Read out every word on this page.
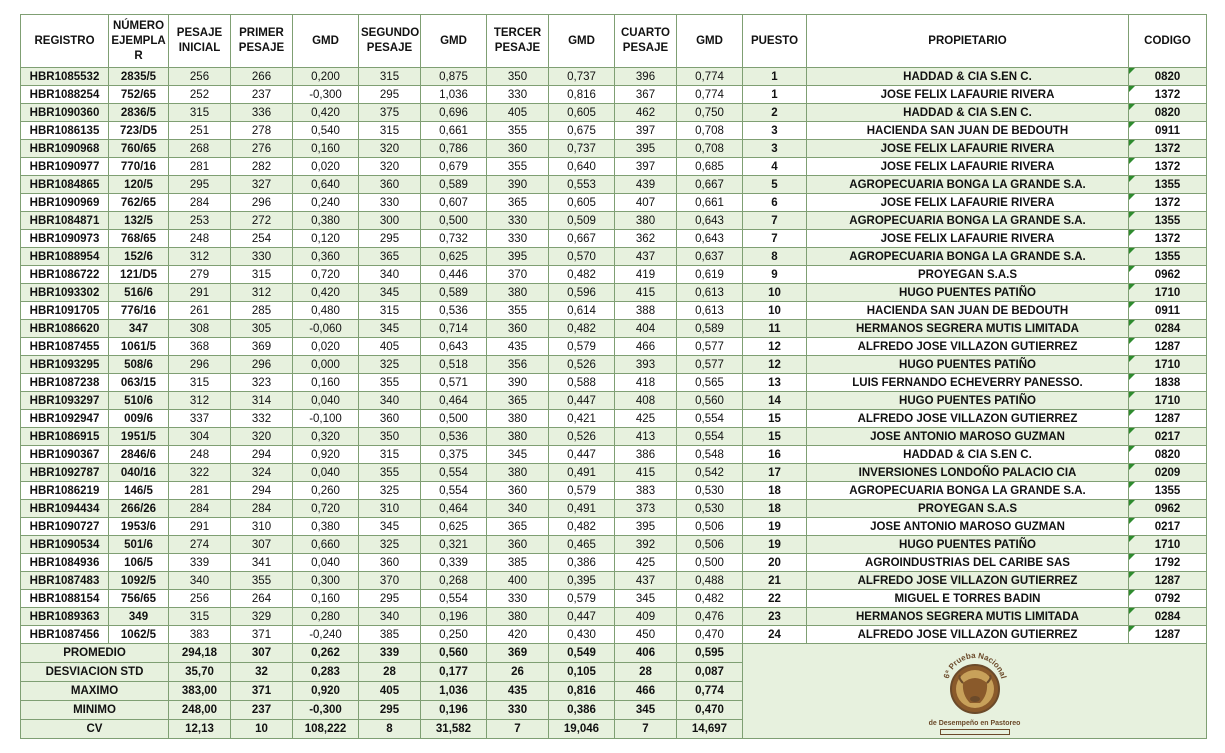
REGISTRO	NÚMERO EJEMPLA R	PESAJE INICIAL	PRIMER PESAJE	GMD	SEGUNDO PESAJE	GMD	TERCER PESAJE	GMD	CUARTO PESAJE	GMD	PUESTO	PROPIETARIO	CODIGO
HBR1085532	2835/5	256	266	0,200	315	0,875	350	0,737	396	0,774	1	HADDAD & CIA S.EN C.	0820
HBR1088254	752/65	252	237	-0,300	295	1,036	330	0,816	367	0,774	1	JOSE FELIX LAFAURIE RIVERA	1372
HBR1090360	2836/5	315	336	0,420	375	0,696	405	0,605	462	0,750	2	HADDAD & CIA S.EN C.	0820
HBR1086135	723/D5	251	278	0,540	315	0,661	355	0,675	397	0,708	3	HACIENDA SAN JUAN DE BEDOUTH	0911
HBR1090968	760/65	268	276	0,160	320	0,786	360	0,737	395	0,708	3	JOSE FELIX LAFAURIE RIVERA	1372
HBR1090977	770/16	281	282	0,020	320	0,679	355	0,640	397	0,685	4	JOSE FELIX LAFAURIE RIVERA	1372
HBR1084865	120/5	295	327	0,640	360	0,589	390	0,553	439	0,667	5	AGROPECUARIA BONGA LA GRANDE S.A.	1355
HBR1090969	762/65	284	296	0,240	330	0,607	365	0,605	407	0,661	6	JOSE FELIX LAFAURIE RIVERA	1372
HBR1084871	132/5	253	272	0,380	300	0,500	330	0,509	380	0,643	7	AGROPECUARIA BONGA LA GRANDE S.A.	1355
HBR1090973	768/65	248	254	0,120	295	0,732	330	0,667	362	0,643	7	JOSE FELIX LAFAURIE RIVERA	1372
HBR1088954	152/6	312	330	0,360	365	0,625	395	0,570	437	0,637	8	AGROPECUARIA BONGA LA GRANDE S.A.	1355
HBR1086722	121/D5	279	315	0,720	340	0,446	370	0,482	419	0,619	9	PROYEGAN S.A.S	0962
HBR1093302	516/6	291	312	0,420	345	0,589	380	0,596	415	0,613	10	HUGO PUENTES PATIÑO	1710
HBR1091705	776/16	261	285	0,480	315	0,536	355	0,614	388	0,613	10	HACIENDA SAN JUAN DE BEDOUTH	0911
HBR1086620	347	308	305	-0,060	345	0,714	360	0,482	404	0,589	11	HERMANOS SEGRERA MUTIS LIMITADA	0284
HBR1087455	1061/5	368	369	0,020	405	0,643	435	0,579	466	0,577	12	ALFREDO JOSE VILLAZON GUTIERREZ	1287
HBR1093295	508/6	296	296	0,000	325	0,518	356	0,526	393	0,577	12	HUGO PUENTES PATIÑO	1710
HBR1087238	063/15	315	323	0,160	355	0,571	390	0,588	418	0,565	13	LUIS FERNANDO ECHEVERRY PANESSO.	1838
HBR1093297	510/6	312	314	0,040	340	0,464	365	0,447	408	0,560	14	HUGO PUENTES PATIÑO	1710
HBR1092947	009/6	337	332	-0,100	360	0,500	380	0,421	425	0,554	15	ALFREDO JOSE VILLAZON GUTIERREZ	1287
HBR1086915	1951/5	304	320	0,320	350	0,536	380	0,526	413	0,554	15	JOSE ANTONIO MAROSO GUZMAN	0217
HBR1090367	2846/6	248	294	0,920	315	0,375	345	0,447	386	0,548	16	HADDAD & CIA S.EN C.	0820
HBR1092787	040/16	322	324	0,040	355	0,554	380	0,491	415	0,542	17	INVERSIONES LONDOÑO PALACIO CIA	0209
HBR1086219	146/5	281	294	0,260	325	0,554	360	0,579	383	0,530	18	AGROPECUARIA BONGA LA GRANDE S.A.	1355
HBR1094434	266/26	284	284	0,720	310	0,464	340	0,491	373	0,530	18	PROYEGAN S.A.S	0962
HBR1090727	1953/6	291	310	0,380	345	0,625	365	0,482	395	0,506	19	JOSE ANTONIO MAROSO GUZMAN	0217
HBR1090534	501/6	274	307	0,660	325	0,321	360	0,465	392	0,506	19	HUGO PUENTES PATIÑO	1710
HBR1084936	106/5	339	341	0,040	360	0,339	385	0,386	425	0,500	20	AGROINDUSTRIAS DEL CARIBE SAS	1792
HBR1087483	1092/5	340	355	0,300	370	0,268	400	0,395	437	0,488	21	ALFREDO JOSE VILLAZON GUTIERREZ	1287
HBR1088154	756/65	256	264	0,160	295	0,554	330	0,579	345	0,482	22	MIGUEL E TORRES BADIN	0792
HBR1089363	349	315	329	0,280	340	0,196	380	0,447	409	0,476	23	HERMANOS SEGRERA MUTIS LIMITADA	0284
HBR1087456	1062/5	383	371	-0,240	385	0,250	420	0,430	450	0,470	24	ALFREDO JOSE VILLAZON GUTIERREZ	1287
PROMEDIO		294,18	307	0,262	339	0,560	369	0,549	406	0,595	6ª Prueba Nacional
de Desempeño en Pastoreo		

DESVIACION STD		35,70	32	0,283	28	0,177	26	0,105	28	0,087			
MAXIMO		383,00	371	0,920	405	1,036	435	0,816	466	0,774			
MINIMO		248,00	237	-0,300	295	0,196	330	0,386	345	0,470			
CV		12,13	10	108,222	8	31,582	7	19,046	7	14,697			
